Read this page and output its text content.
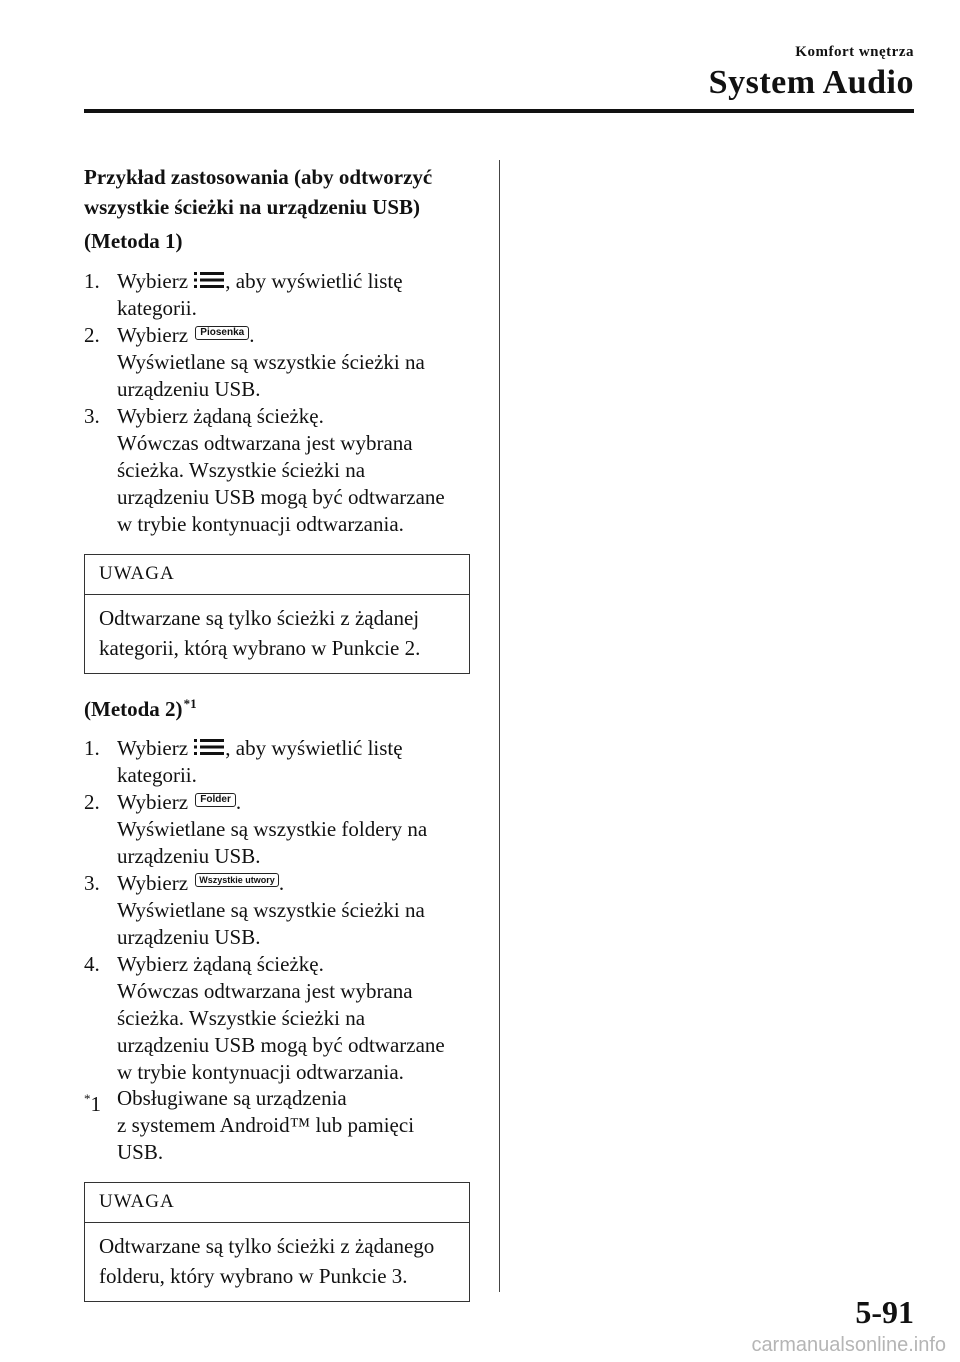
Komfort wnętrza
System Audio
Przykład zastosowania (aby odtworzyć
wszystkie ścieżki na urządzeniu USB)
(Metoda 1)
1. Wybierz , aby wyświetlić listę
kategorii.
2. Wybierz Piosenka .
Wyświetlane są wszystkie ścieżki na
urządzeniu USB.
3. Wybierz żądaną ścieżkę.
Wówczas odtwarzana jest wybrana
ścieżka. Wszystkie ścieżki na
urządzeniu USB mogą być odtwarzane
w trybie kontynuacji odtwarzania.
UWAGA
Odtwarzane są tylko ścieżki z żądanej
kategorii, którą wybrano w Punkcie 2.
(Metoda 2)$^{*1}$
1. Wybierz , aby wyświetlić listę
kategorii.
2. Wybierz Folder .
Wyświetlane są wszystkie foldery na
urządzeniu USB.
3. Wybierz Wszystkie utwory .
Wyświetlane są wszystkie ścieżki na
urządzeniu USB.
4. Wybierz żądaną ścieżkę.
Wówczas odtwarzana jest wybrana
ścieżka. Wszystkie ścieżki na
urządzeniu USB mogą być odtwarzane
w trybie kontynuacji odtwarzania.
*1 Obsługiwane są urządzenia
z systemem Android™ lub pamięci
USB.
UWAGA
Odtwarzane są tylko ścieżki z żądanego
folderu, który wybrano w Punkcie 3.
5-91
carmanualsonline.info
